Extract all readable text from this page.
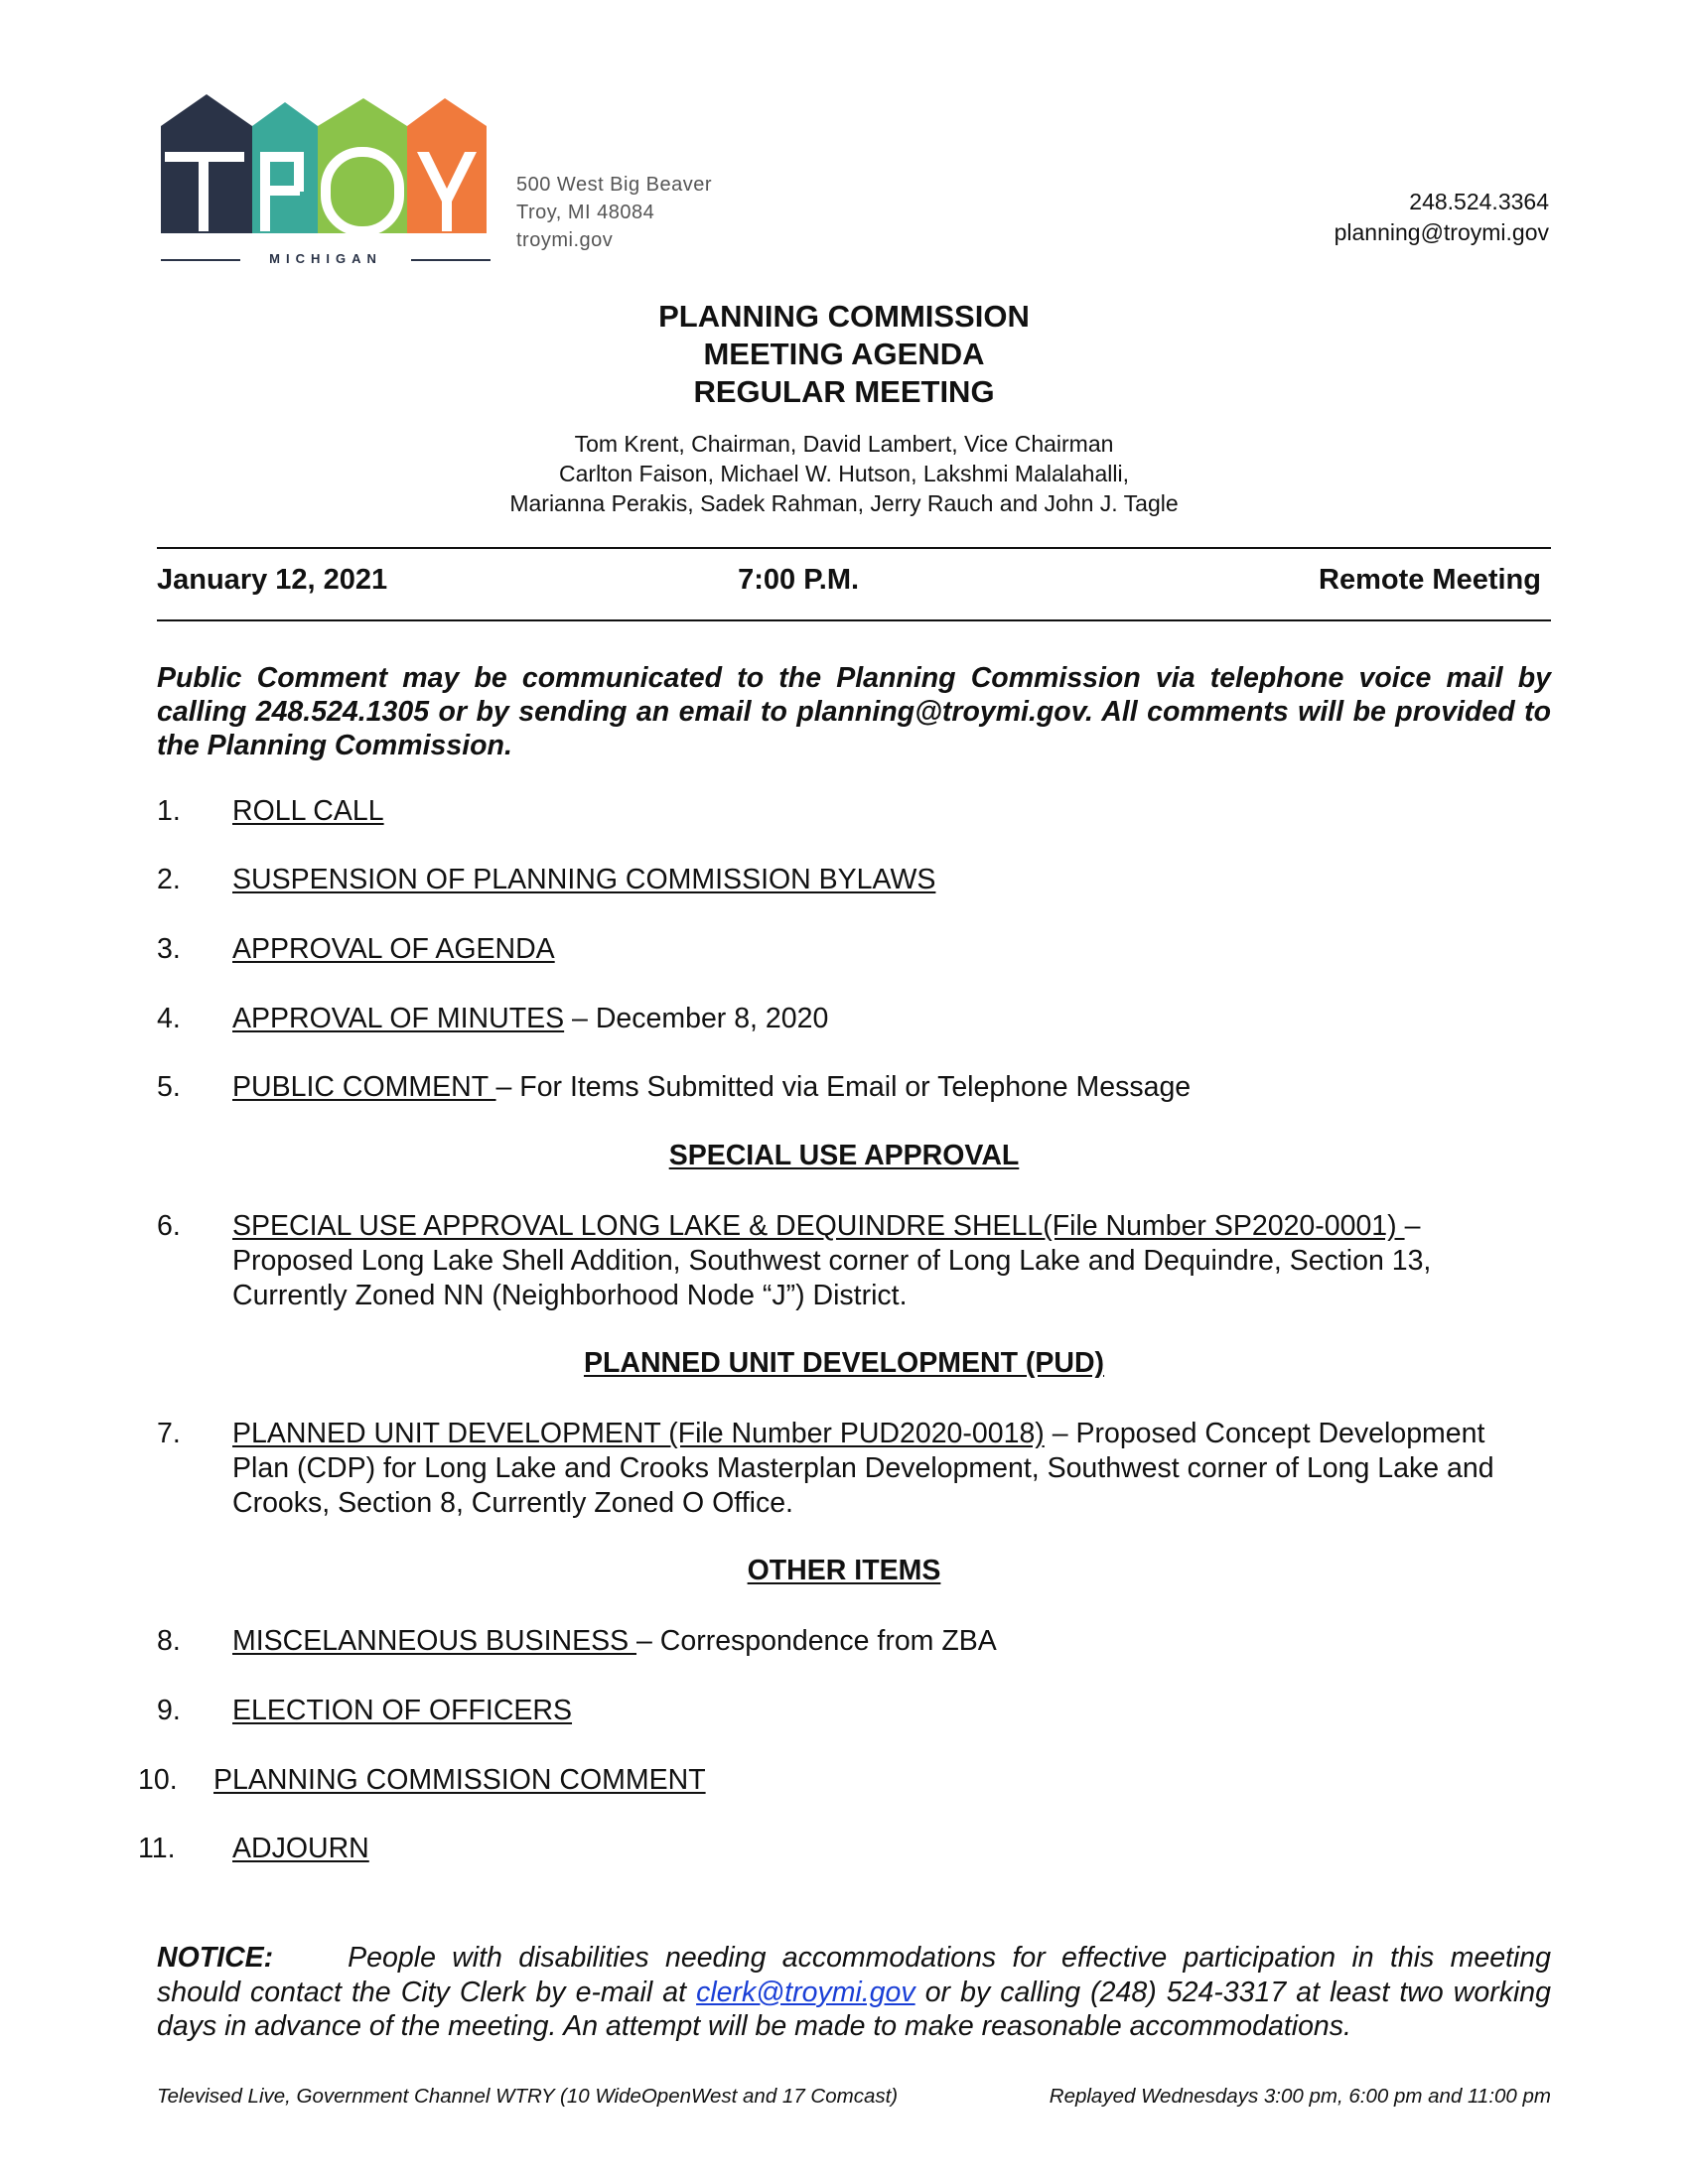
MICHIGAN
500 West Big Beaver
Troy, MI 48084
troymi.gov
248.524.3364
planning@troymi.gov
PLANNING COMMISSION
MEETING AGENDA
REGULAR MEETING
Tom Krent, Chairman, David Lambert, Vice Chairman
Carlton Faison, Michael W. Hutson, Lakshmi Malalahalli,
Marianna Perakis, Sadek Rahman, Jerry Rauch and John J. Tagle
January 12, 2021	7:00 P.M.	Remote Meeting
Public Comment may be communicated to the Planning Commission via telephone voice mail by calling 248.524.1305 or by sending an email to planning@troymi.gov. All comments will be provided to the Planning Commission.
1.	ROLL CALL
2.	SUSPENSION OF PLANNING COMMISSION BYLAWS
3.	APPROVAL OF AGENDA
4.	APPROVAL OF MINUTES – December 8, 2020
5.	PUBLIC COMMENT – For Items Submitted via Email or Telephone Message
SPECIAL USE APPROVAL
6.	SPECIAL USE APPROVAL LONG LAKE & DEQUINDRE SHELL(File Number SP2020-0001) – Proposed Long Lake Shell Addition, Southwest corner of Long Lake and Dequindre, Section 13, Currently Zoned NN (Neighborhood Node “J”) District.
PLANNED UNIT DEVELOPMENT (PUD)
7.	PLANNED UNIT DEVELOPMENT (File Number PUD2020-0018) – Proposed Concept Development Plan (CDP) for Long Lake and Crooks Masterplan Development, Southwest corner of Long Lake and Crooks, Section 8, Currently Zoned O Office.
OTHER ITEMS
8.	MISCELANNEOUS BUSINESS – Correspondence from ZBA
9.	ELECTION OF OFFICERS
10.	PLANNING COMMISSION COMMENT
11.	ADJOURN
NOTICE:	People with disabilities needing accommodations for effective participation in this meeting should contact the City Clerk by e-mail at clerk@troymi.gov or by calling (248) 524-3317 at least two working days in advance of the meeting. An attempt will be made to make reasonable accommodations.
Televised Live, Government Channel WTRY (10 WideOpenWest and 17 Comcast)	Replayed Wednesdays 3:00 pm, 6:00 pm and 11:00 pm
